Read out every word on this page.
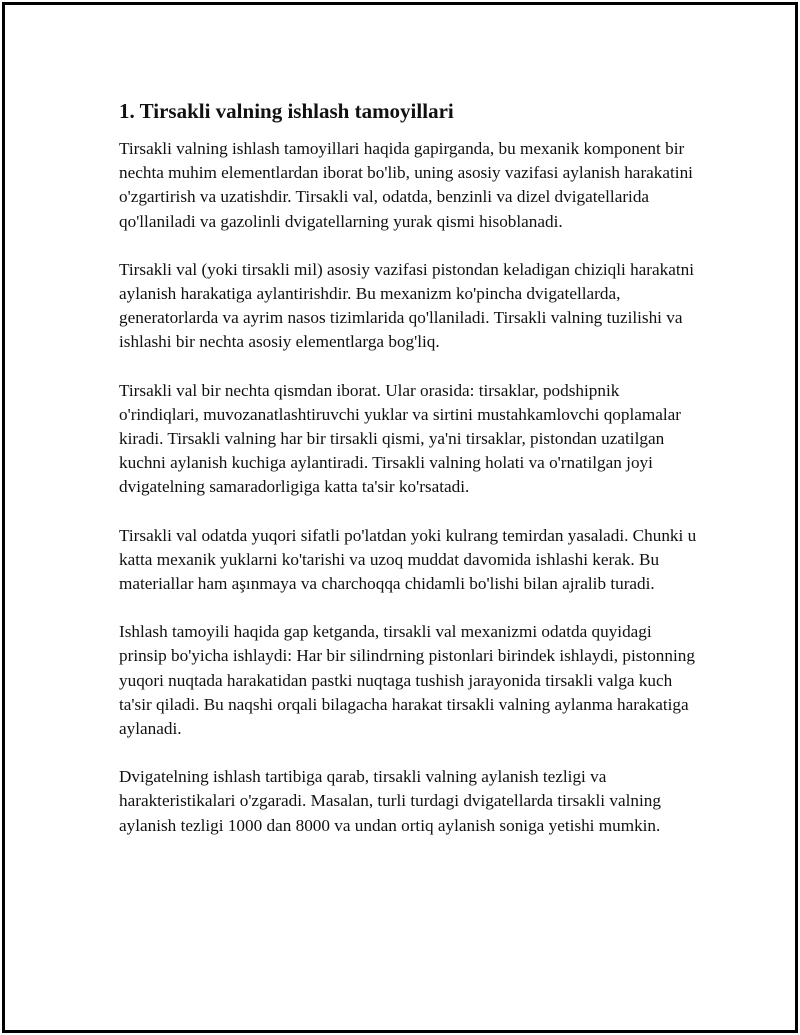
1. Tirsakli valning ishlash tamoyillari

Tirsakli valning ishlash tamoyillari haqida gapirganda, bu mexanik komponent bir nechta muhim elementlardan iborat bo'lib, uning asosiy vazifasi aylanish harakatini o'zgartirish va uzatishdir. Tirsakli val, odatda, benzinli va dizel dvigatellarida qo'llaniladi va gazolinli dvigatellarning yurak qismi hisoblanadi.

Tirsakli val (yoki tirsakli mil) asosiy vazifasi pistondan keladigan chiziqli harakatni aylanish harakatiga aylantirishdir. Bu mexanizm ko'pincha dvigatellarda, generatorlarda va ayrim nasos tizimlarida qo'llaniladi. Tirsakli valning tuzilishi va ishlashi bir nechta asosiy elementlarga bog'liq.

Tirsakli val bir nechta qismdan iborat. Ular orasida: tirsaklar, podshipnik o'rindiqlari, muvozanatlashtiruvchi yuklar va sirtini mustahkamlovchi qoplamalar kiradi. Tirsakli valning har bir tirsakli qismi, ya'ni tirsaklar, pistondan uzatilgan kuchni aylanish kuchiga aylantiradi. Tirsakli valning holati va o'rnatilgan joyi dvigatelning samaradorligiga katta ta'sir ko'rsatadi.

Tirsakli val odatda yuqori sifatli po'latdan yoki kulrang temirdan yasaladi. Chunki u katta mexanik yuklarni ko'tarishi va uzoq muddat davomida ishlashi kerak. Bu materiallar ham aşınmaya va charchoqqa chidamli bo'lishi bilan ajralib turadi.

Ishlash tamoyili haqida gap ketganda, tirsakli val mexanizmi odatda quyidagi prinsip bo'yicha ishlaydi: Har bir silindrning pistonlari birindek ishlaydi, pistonning yuqori nuqtada harakatidan pastki nuqtaga tushish jarayonida tirsakli valga kuch ta'sir qiladi. Bu naqshi orqali bilagacha harakat tirsakli valning aylanma harakatiga aylanadi.

Dvigatelning ishlash tartibiga qarab, tirsakli valning aylanish tezligi va harakteristikalari o'zgaradi. Masalan, turli turdagi dvigatellarda tirsakli valning aylanish tezligi 1000 dan 8000 va undan ortiq aylanish soniga yetishi mumkin.
